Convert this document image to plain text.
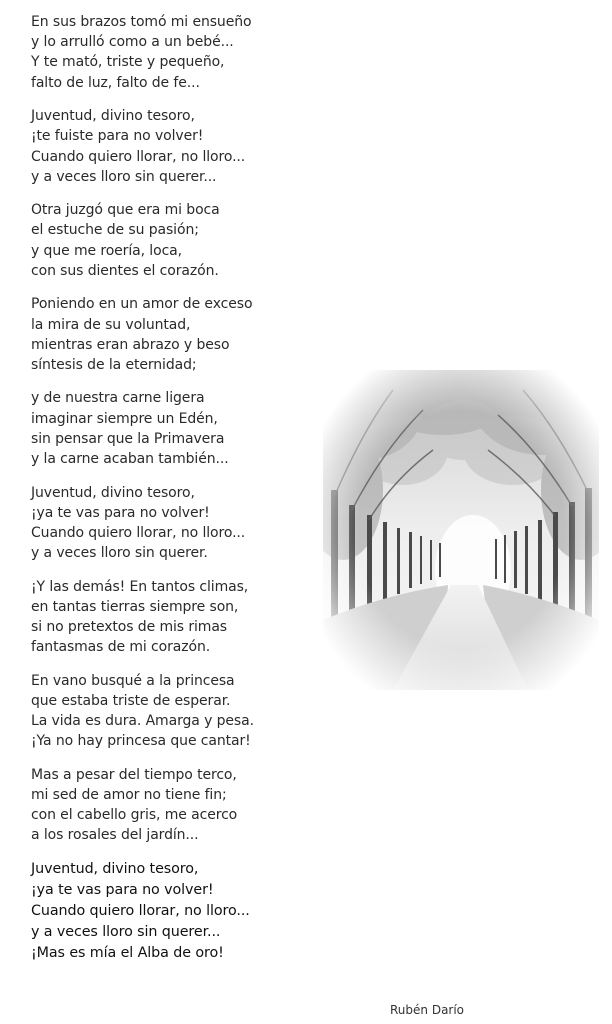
En sus brazos tomó mi ensueño
y lo arrulló como a un bebé...
Y te mató, triste y pequeño,
falto de luz, falto de fe...
Juventud, divino tesoro,
¡te fuiste para no volver!
Cuando quiero llorar, no lloro...
y a veces lloro sin querer...
Otra juzgó que era mi boca
el estuche de su pasión;
y que me roería, loca,
con sus dientes el corazón.
Poniendo en un amor de exceso
la mira de su voluntad,
mientras eran abrazo y beso
síntesis de la eternidad;
y de nuestra carne ligera
imaginar siempre un Edén,
sin pensar que la Primavera
y la carne acaban también...
Juventud, divino tesoro,
¡ya te vas para no volver!
Cuando quiero llorar, no lloro...
y a veces lloro sin querer.
¡Y las demás! En tantos climas,
en tantas tierras siempre son,
si no pretextos de mis rimas
fantasmas de mi corazón.
En vano busqué a la princesa
que estaba triste de esperar.
La vida es dura. Amarga y pesa.
¡Ya no hay princesa que cantar!
Mas a pesar del tiempo terco,
mi sed de amor no tiene fin;
con el cabello gris, me acerco
a los rosales del jardín...
Juventud, divino tesoro,
¡ya te vas para no volver!
Cuando quiero llorar, no lloro...
y a veces lloro sin querer...
¡Mas es mía el Alba de oro!
Rubén Darío
